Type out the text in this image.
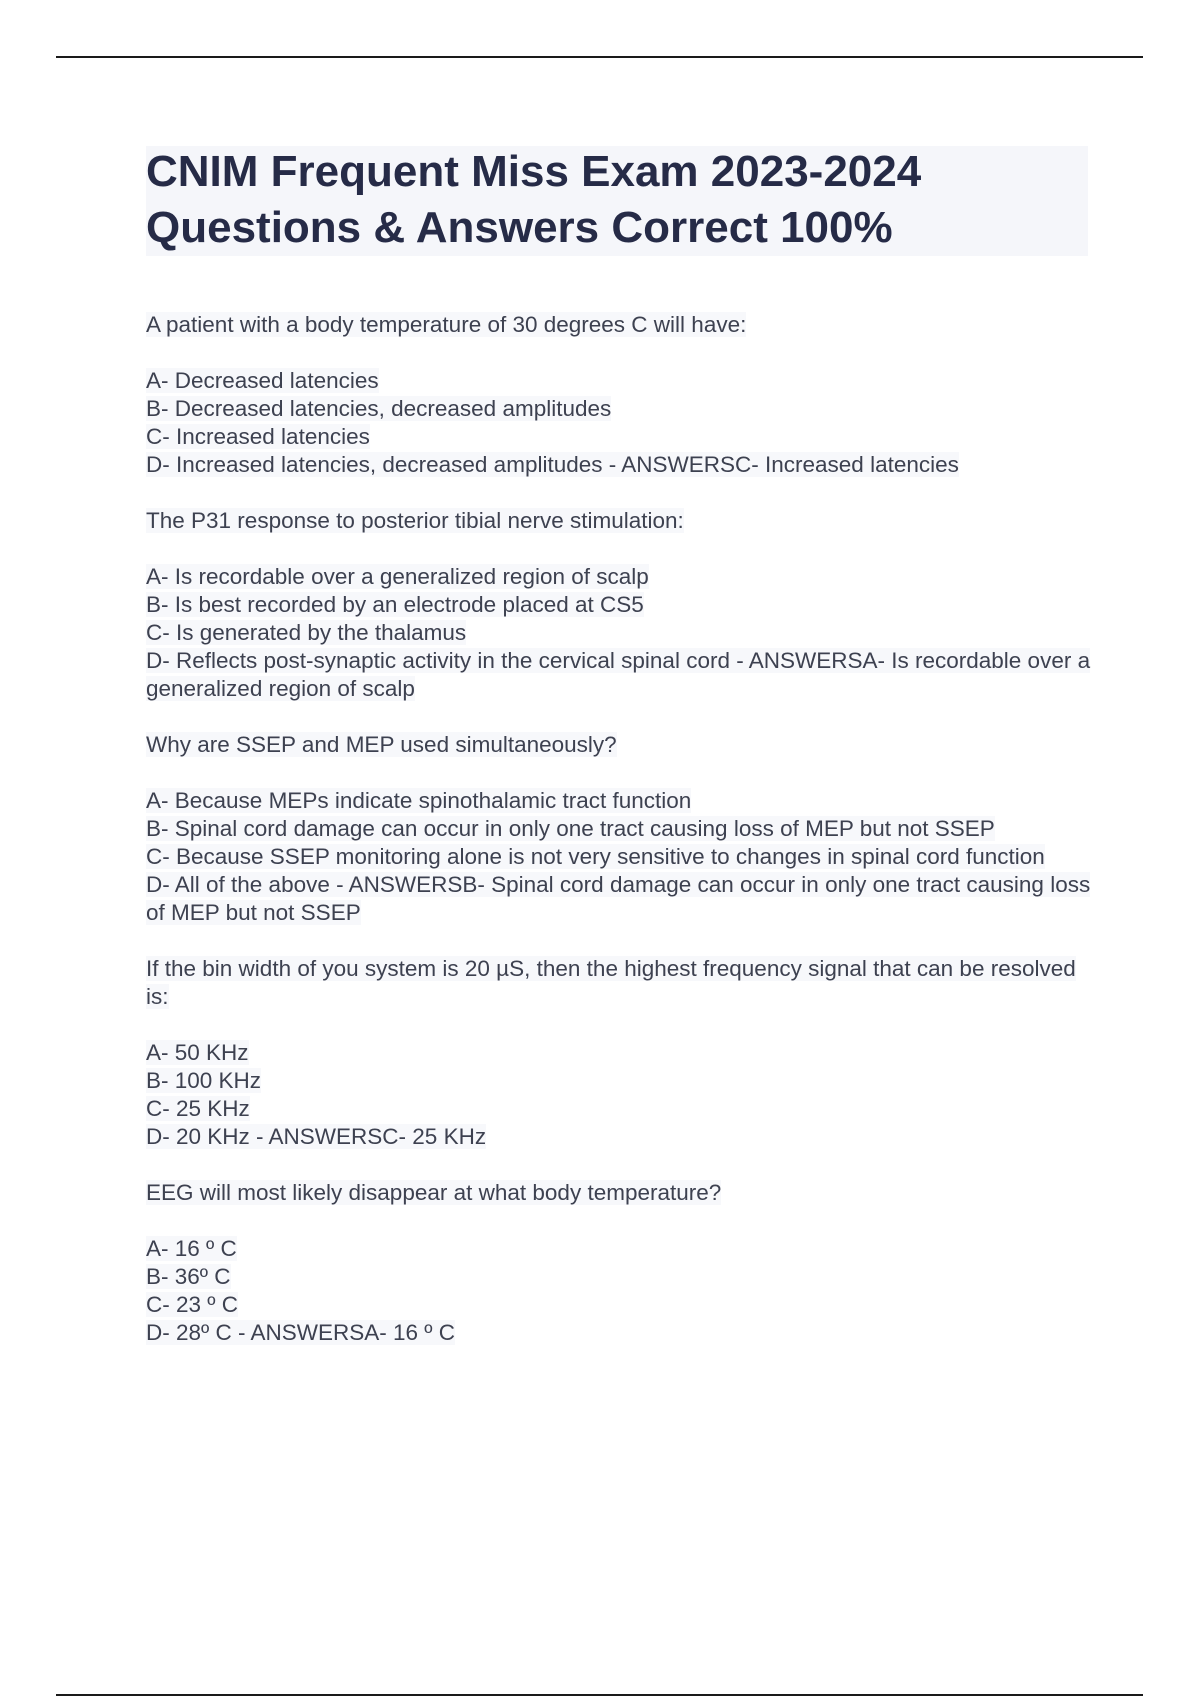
CNIM Frequent Miss Exam 2023-2024
Questions & Answers Correct 100%
A patient with a body temperature of 30 degrees C will have:
A- Decreased latencies
B- Decreased latencies, decreased amplitudes
C- Increased latencies
D- Increased latencies, decreased amplitudes - ANSWERSC- Increased latencies
The P31 response to posterior tibial nerve stimulation:
A- Is recordable over a generalized region of scalp
B- Is best recorded by an electrode placed at CS5
C- Is generated by the thalamus
D- Reflects post-synaptic activity in the cervical spinal cord - ANSWERSA- Is recordable over a generalized region of scalp
Why are SSEP and MEP used simultaneously?
A- Because MEPs indicate spinothalamic tract function
B- Spinal cord damage can occur in only one tract causing loss of MEP but not SSEP
C- Because SSEP monitoring alone is not very sensitive to changes in spinal cord function
D- All of the above - ANSWERSB- Spinal cord damage can occur in only one tract causing loss of MEP but not SSEP
If the bin width of you system is 20 µS, then the highest frequency signal that can be resolved is:
A- 50 KHz
B- 100 KHz
C- 25 KHz
D- 20 KHz - ANSWERSC- 25 KHz
EEG will most likely disappear at what body temperature?
A- 16 º C
B- 36º C
C- 23 º C
D- 28º C - ANSWERSA- 16 º C
